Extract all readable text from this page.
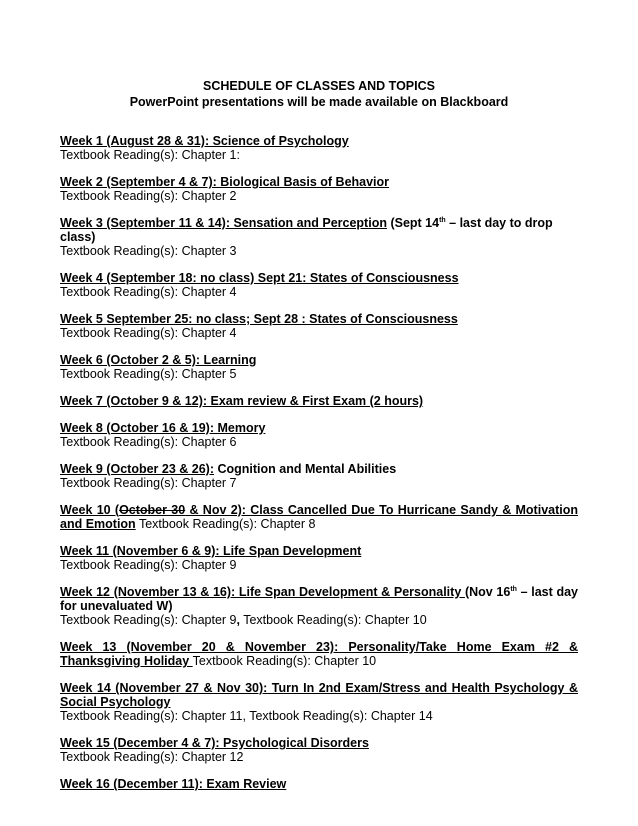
SCHEDULE OF CLASSES AND TOPICS

PowerPoint presentations will be made available on Blackboard

Week 1 (August 28 & 31): Science of Psychology
Textbook Reading(s): Chapter 1:
Week 2 (September 4 & 7): Biological Basis of Behavior
Textbook Reading(s): Chapter 2
Week 3 (September 11 & 14): Sensation and Perception (Sept 14th – last day to drop class)
Textbook Reading(s): Chapter 3
Week 4 (September 18: no class) Sept 21: States of Consciousness
Textbook Reading(s): Chapter 4
Week 5 September 25: no class; Sept 28 : States of Consciousness
Textbook Reading(s): Chapter 4
Week 6 (October 2 & 5): Learning
Textbook Reading(s): Chapter 5
Week 7 (October 9 & 12): Exam review & First Exam (2 hours)
Week 8 (October 16 & 19): Memory
Textbook Reading(s): Chapter 6
Week 9 (October 23 & 26): Cognition and Mental Abilities
Textbook Reading(s): Chapter 7
Week 10 (October 30 & Nov 2): Class Cancelled Due To Hurricane Sandy & Motivation and Emotion Textbook Reading(s): Chapter 8
Week 11 (November 6 & 9): Life Span Development
Textbook Reading(s): Chapter 9
Week 12 (November 13 & 16): Life Span Development & Personality (Nov 16th – last day for unevaluated W)
Textbook Reading(s): Chapter 9, Textbook Reading(s): Chapter 10
Week 13 (November 20 & November 23): Personality/Take Home Exam #2 & Thanksgiving Holiday Textbook Reading(s): Chapter 10
Week 14 (November 27 & Nov 30): Turn In 2nd Exam/Stress and Health Psychology & Social Psychology
Textbook Reading(s): Chapter 11, Textbook Reading(s): Chapter 14
Week 15 (December 4 & 7): Psychological Disorders
Textbook Reading(s): Chapter 12
Week 16 (December 11): Exam Review
